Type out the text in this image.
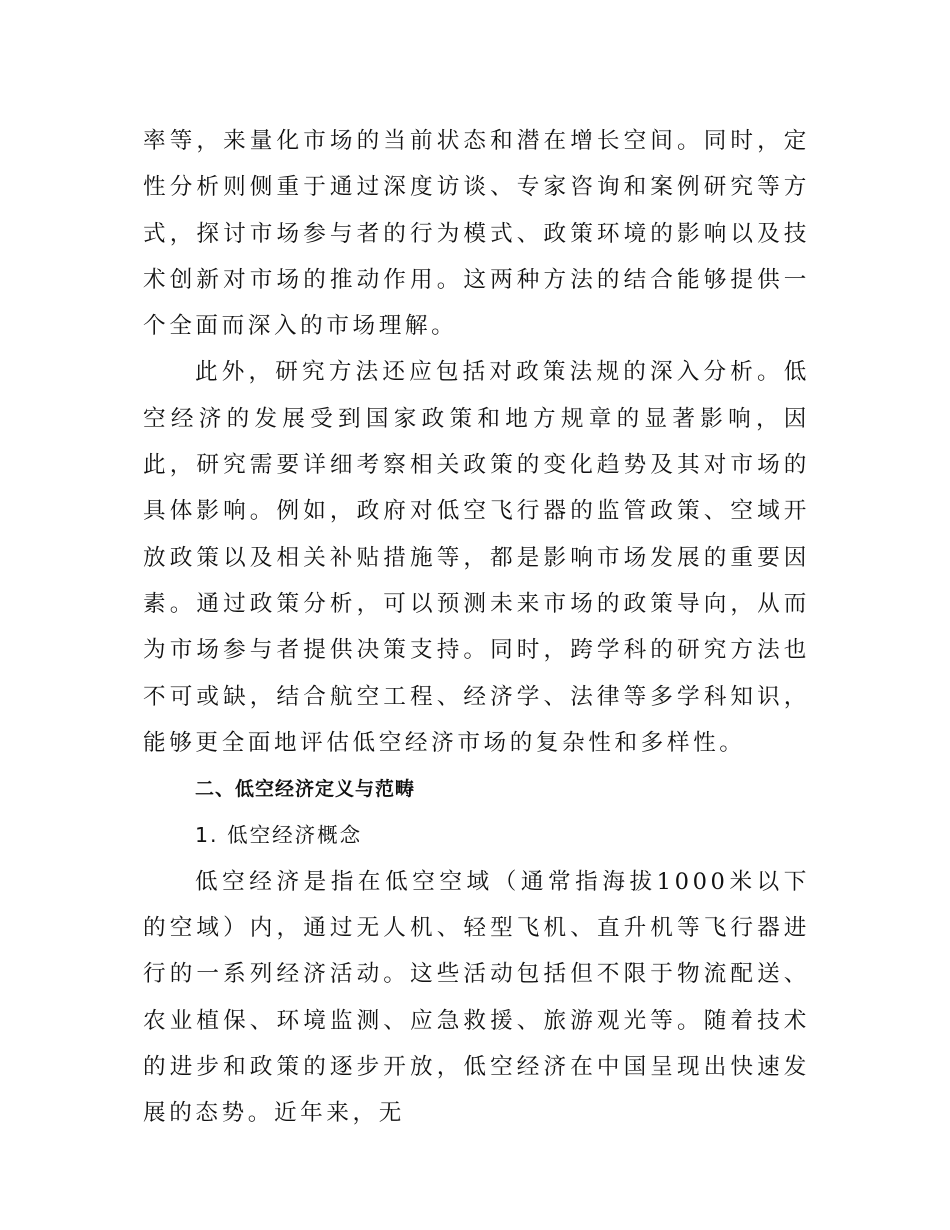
率等，来量化市场的当前状态和潜在增长空间。同时，定性分析则侧重于通过深度访谈、专家咨询和案例研究等方式，探讨市场参与者的行为模式、政策环境的影响以及技术创新对市场的推动作用。这两种方法的结合能够提供一个全面而深入的市场理解。

此外，研究方法还应包括对政策法规的深入分析。低空经济的发展受到国家政策和地方规章的显著影响，因此，研究需要详细考察相关政策的变化趋势及其对市场的具体影响。例如，政府对低空飞行器的监管政策、空域开放政策以及相关补贴措施等，都是影响市场发展的重要因素。通过政策分析，可以预测未来市场的政策导向，从而为市场参与者提供决策支持。同时，跨学科的研究方法也不可或缺，结合航空工程、经济学、法律等多学科知识，能够更全面地评估低空经济市场的复杂性和多样性。

二、低空经济定义与范畴

1. 低空经济概念

低空经济是指在低空空域（通常指海拔1000米以下的空域）内，通过无人机、轻型飞机、直升机等飞行器进行的一系列经济活动。这些活动包括但不限于物流配送、农业植保、环境监测、应急救援、旅游观光等。随着技术的进步和政策的逐步开放，低空经济在中国呈现出快速发展的态势。近年来，无
